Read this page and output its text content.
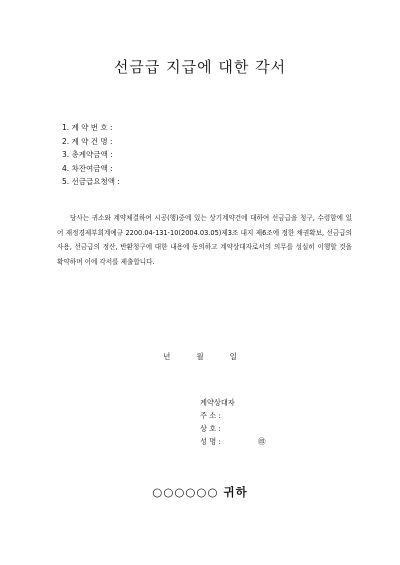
선금급 지급에 대한 각서
1. 계 약 번 호 :
2. 계 약 건 명 :
3. 총계약금액 :
4. 차잔여금액 :
5. 선금급요청액 :

당사는 귀소와 계약체결하여 시공(행)중에 있는 상기계약건에 대하여 선금급을 청구, 수령함에 있어 재정경제부회계예규 2200.04-131-10(2004.03.05)제3조 내지 제6조에 정한 채권확보, 선금급의 사용, 선금급의 정산, 반환청구에 대한 내용에 동의하고 계약상대자로서의 의무를 성실히 이행할 것을 확약하며 이에 각서를 제출합니다.

년	월	일
계약상대자
주 소 :
상 호 :
성 명 :	㊞
○○○○○○ 귀하
